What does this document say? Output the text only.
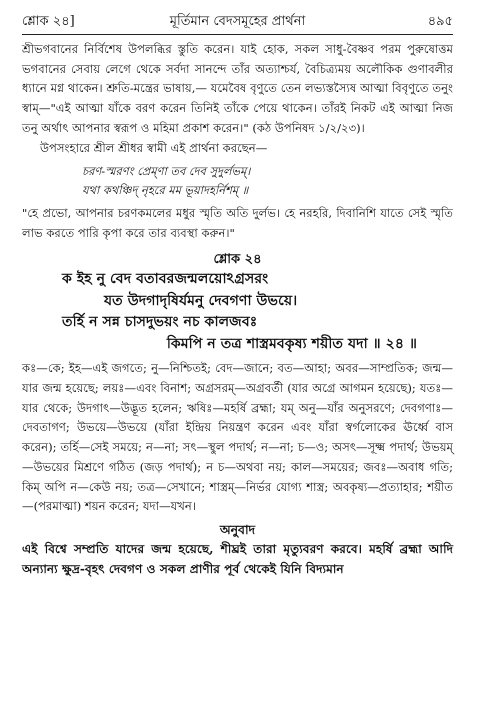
শ্লোক ২৪]	মূর্তিমান বেদসমূহের প্রার্থনা	৪৯৫

শ্রীভগবানের নির্বিশেষ উপলব্ধির স্তুতি করেন। যাই হোক, সকল সাধু-বৈষ্ণব পরম পুরুষোত্তম ভগবানের সেবায় লেগে থেকে সর্বদা সানন্দে তাঁর অত্যাশ্চর্য, বৈচিত্র্যময় অলৌকিক গুণাবলীর ধ্যানে মগ্ন থাকেন। শ্রুতি-মন্ত্রের ভাষায়,— যমেবৈষ বৃণুতে তেন লভ্যস্তস্যৈষ আত্মা বিবৃণুতে তনুং স্বাম্—"এই আত্মা যাঁকে বরণ করেন তিনিই তাঁকে পেয়ে থাকেন। তাঁরই নিকট এই আত্মা নিজ তনু অর্থাৎ আপনার স্বরূপ ও মহিমা প্রকাশ করেন।" (কঠ উপনিষদ ১/২/২৩)।

উপসংহারে শ্রীল শ্রীধর স্বামী এই প্রার্থনা করছেন—

চরণ-স্মরণং প্রেম্ণা তব দেব সুদুর্লভম্।
যথা কথঞ্চিদ্ নৃহরে মম ভূয়াদহর্নিশম্ ॥

"হে প্রভো, আপনার চরণকমলের মধুর স্মৃতি অতি দুর্লভ। হে নরহরি, দিবানিশি যাতে সেই স্মৃতি লাভ করতে পারি কৃপা করে তার ব্যবস্থা করুন।"

শ্লোক ২৪
ক ইহ নু বেদ বতাবরজন্মলয়োঽগ্রসরং
যত উদগাদৃষির্যমনু দেবগণা উভয়ে।
তর্হি ন সন্ন চাসদুভয়ং নচ কালজবঃ
কিমপি ন তত্র শাস্ত্রমবকৃষ্য শয়ীত যদা ॥ ২৪ ॥

কঃ—কে; ইহ—এই জগতে; নু—নিশ্চিতই; বেদ—জানে; বত—আহা; অবর—সাম্প্রতিক; জন্ম—যার জন্ম হয়েছে; লয়ঃ—এবং বিনাশ; অগ্রসরম্—অগ্রবর্তী (যার অগ্রে আগমন হয়েছে); যতঃ—যার থেকে; উদগাৎ—উদ্ভূত হলেন; ঋষিঃ—মহর্ষি ব্রহ্মা; যম্ অনু—যাঁর অনুসরণে; দেবগণাঃ—দেবতাগণ; উভয়ে—উভয়ে (যাঁরা ইন্দ্রিয় নিয়ন্ত্রণ করেন এবং যাঁরা স্বর্গলোকের ঊর্ধ্বে বাস করেন); তর্হি—সেই সময়ে; ন—না; সৎ—স্থুল পদার্থ; ন—না; চ—ও; অসৎ—সূক্ষ্ম পদার্থ; উভয়ম্—উভয়ের মিশ্রণে গঠিত (জড় পদার্থ); ন চ—অথবা নয়; কাল—সময়ের; জবঃ—অবাধ গতি; কিম্ অপি ন—কেউ নয়; তত্র—সেখানে; শাস্ত্রম্—নির্ভর যোগ্য শাস্ত্র; অবকৃষ্য—প্রত্যাহার; শয়ীত—(পরমাত্মা) শয়ন করেন; যদা—যখন।

অনুবাদ

এই বিশ্বে সম্প্রতি যাদের জন্ম হয়েছে, শীঘ্রই তারা মৃত্যুবরণ করবে। মহর্ষি ব্রহ্মা আদি অন্যান্য ক্ষুদ্র-বৃহৎ দেবগণ ও সকল প্রাণীর পূর্ব থেকেই যিনি বিদ্যমান
